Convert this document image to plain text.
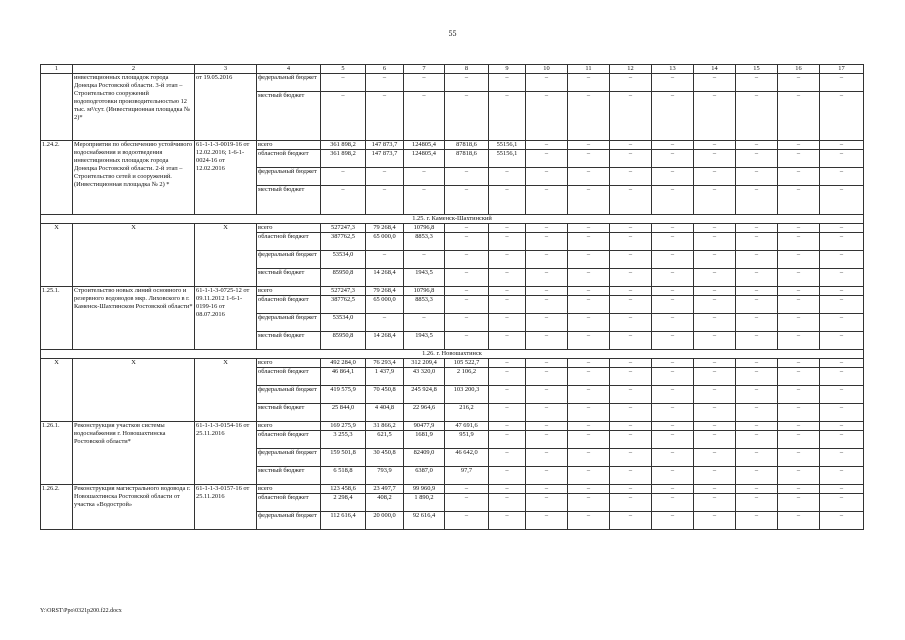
55
1	2	3	4	5	6	7	8	9	10	11	12	13	14	15	16	17
	инвестиционных площадок города Донецка Ростовской области. 3-й этап – Строительство сооружений водоподготовки производительностью 12 тыс. м³/сут. (Инвестиционная площадка № 2)*	от 19.05.2016	федеральный бюджет	–	–	–	–	–	–	–	–	–	–	–	–	–
			местный бюджет	–	–	–	–	–	–	–	–	–	–	–	–	–
1.24.2.	Мероприятия по обеспечению устойчивого водоснабжения и водоотведения инвестиционных площадок города Донецка Ростовской области. 2-й этап – Строительство сетей и сооружений. (Инвестиционная площадка № 2) *	61-1-1-3-0019-16 от 12.02.2016; 1-6-1-0024-16 от 12.02.2016	всего	361 898,2	147 873,7	124805,4	87818,6	55156,1	–	–	–	–	–	–	–	–
			областной бюджет	361 898,2	147 873,7	124805,4	87818,6	55156,1	–	–	–	–	–	–	–	–
			федеральный бюджет	–	–	–	–	–	–	–	–	–	–	–	–	–
			местный бюджет	–	–	–	–	–	–	–	–	–	–	–	–	–
1.25. г. Каменск-Шахтинский																
X	X	X	всего	527247,3	79 268,4	10796,8	–	–	–	–	–	–	–	–	–	–
			областной бюджет	387762,5	65 000,0	8853,3	–	–	–	–	–	–	–	–	–	–
			федеральный бюджет	53534,0	–	–	–	–	–	–	–	–	–	–	–	–
			местный бюджет	85950,8	14 268,4	1943,5	–	–	–	–	–	–	–	–	–	–
1.25.1.	Строительство новых линий основного и резервного водоводов мкр. Лиховского в г. Каменск-Шахтинском Ростовской области*	61-1-1-3-0725-12 от 09.11.2012 1-6-1-0199-16 от 08.07.2016	всего	527247,3	79 268,4	10796,8	–	–	–	–	–	–	–	–	–	–
			областной бюджет	387762,5	65 000,0	8853,3	–	–	–	–	–	–	–	–	–	–
			федеральный бюджет	53534,0	–	–	–	–	–	–	–	–	–	–	–	–
			местный бюджет	85950,8	14 268,4	1943,5	–	–	–	–	–	–	–	–	–	–
1.26. г. Новошахтинск																
X	X	X	всего	492 284,0	76 293,4	312 209,4	105 522,7	–	–	–	–	–	–	–	–	–
			областной бюджет	46 864,1	1 437,9	43 320,0	2 106,2	–	–	–	–	–	–	–	–	–
			федеральный бюджет	419 575,9	70 450,8	245 924,8	103 200,3	–	–	–	–	–	–	–	–	–
			местный бюджет	25 844,0	4 404,8	22 964,6	216,2	–	–	–	–	–	–	–	–	–
1.26.1.	Реконструкция участков системы водоснабжения г. Новошахтинска Ростовской области*	61-1-1-3-0154-16 от 25.11.2016	всего	169 275,9	31 866,2	90477,9	47 691,6	–	–	–	–	–	–	–	–	–
			областной бюджет	3 255,3	621,5	1681,9	951,9	–	–	–	–	–	–	–	–	–
			федеральный бюджет	159 501,8	30 450,8	82409,0	46 642,0	–	–	–	–	–	–	–	–	–
			местный бюджет	6 518,8	793,9	6387,0	97,7	–	–	–	–	–	–	–	–	–
1.26.2.	Реконструкция магистрального водовода г. Новошахтинска Ростовской области от участка «Водострой»	61-1-1-3-0157-16 от 25.11.2016	всего	123 458,6	23 497,7	99 960,9	–	–	–	–	–	–	–	–	–	–
			областной бюджет	2 298,4	408,2	1 890,2	–	–	–	–	–	–	–	–	–	–
			федеральный бюджет	112 616,4	20 000,0	92 616,4	–	–	–	–	–	–	–	–	–	–
Y:\ORST\Ppo\0321p200.f22.docx
